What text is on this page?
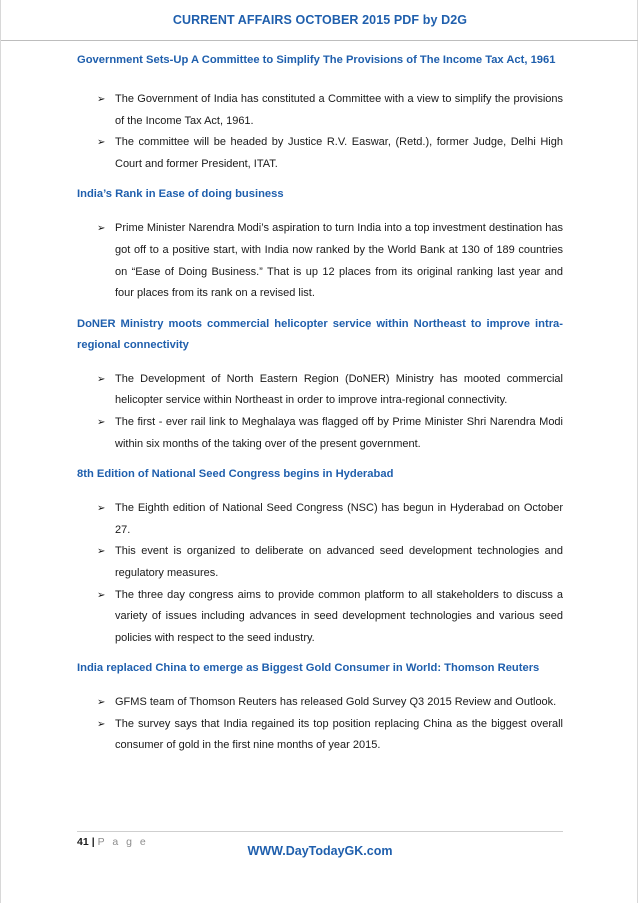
CURRENT AFFAIRS OCTOBER 2015 PDF by D2G
Government Sets-Up A Committee to Simplify The Provisions of The Income Tax Act, 1961
➢ The Government of India has constituted a Committee with a view to simplify the provisions of the Income Tax Act, 1961.
➢ The committee will be headed by Justice R.V. Easwar, (Retd.), former Judge, Delhi High Court and former President, ITAT.
India’s Rank in Ease of doing business
➢ Prime Minister Narendra Modi’s aspiration to turn India into a top investment destination has got off to a positive start, with India now ranked by the World Bank at 130 of 189 countries on “Ease of Doing Business.” That is up 12 places from its original ranking last year and four places from its rank on a revised list.
DoNER Ministry moots commercial helicopter service within Northeast to improve intra-regional connectivity
➢ The Development of North Eastern Region (DoNER) Ministry has mooted commercial helicopter service within Northeast in order to improve intra-regional connectivity.
➢ The first - ever rail link to Meghalaya was flagged off by Prime Minister Shri Narendra Modi within six months of the taking over of the present government.
8th Edition of National Seed Congress begins in Hyderabad
➢ The Eighth edition of National Seed Congress (NSC) has begun in Hyderabad on October 27.
➢ This event is organized to deliberate on advanced seed development technologies and regulatory measures.
➢ The three day congress aims to provide common platform to all stakeholders to discuss a variety of issues including advances in seed development technologies and various seed policies with respect to the seed industry.
India replaced China to emerge as Biggest Gold Consumer in World: Thomson Reuters
➢ GFMS team of Thomson Reuters has released Gold Survey Q3 2015 Review and Outlook.
➢ The survey says that India regained its top position replacing China as the biggest overall consumer of gold in the first nine months of year 2015.
41 | P a g e
WWW.DayTodayGK.com
